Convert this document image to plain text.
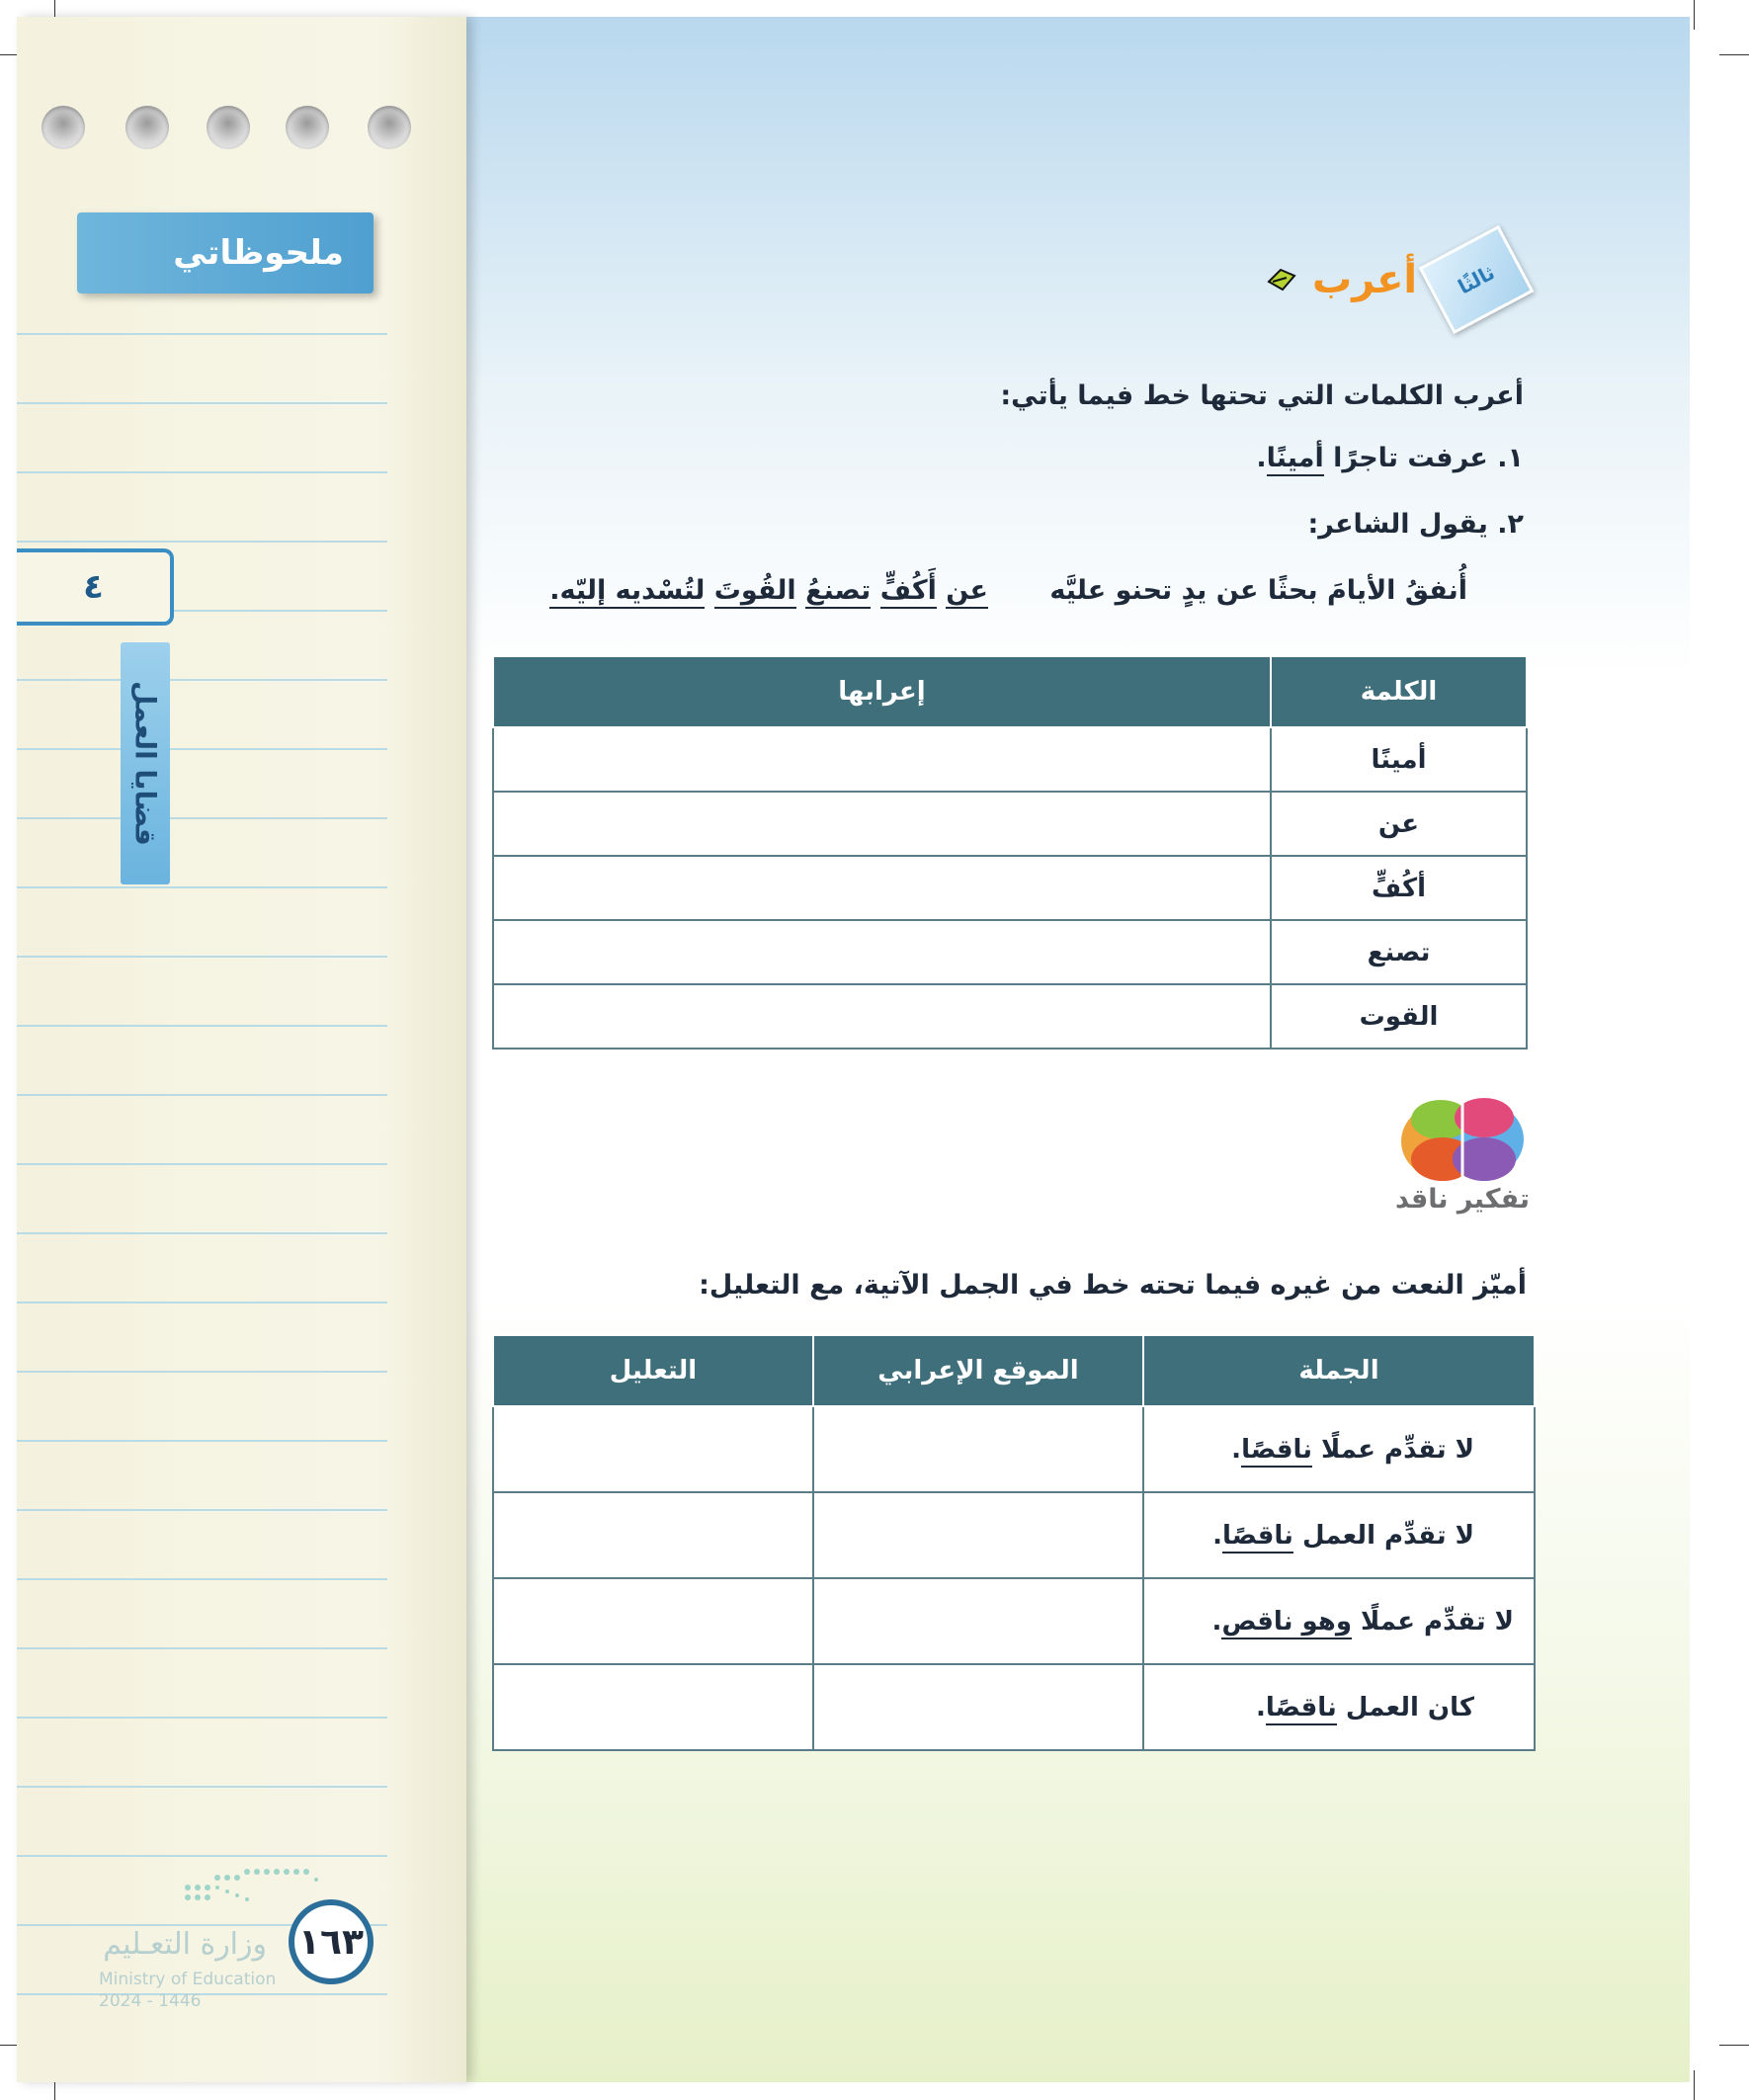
ملحوظاتي
٤
قضايا العمل
١٦٣
وزارة التعـليم
Ministry of Education
2024 - 1446
ثالثًا
أعرب
أعرب الكلمات التي تحتها خط فيما يأتي:
١. عرفت تاجرًا أمينًا.
٢. يقول الشاعر:
أُنفقُ الأيامَ بحثًا عن يدٍ تحنو عليَّه
عن أَكُفٍّ تصنعُ القُوتَ لتُسْديه إليّه.
الكلمة	إعرابها
أمينًا	
عن	
أكُفٍّ	
تصنع	
القوت	
تفكير ناقد
أميّز النعت من غيره فيما تحته خط في الجمل الآتية، مع التعليل:
الجملة	الموقع الإعرابي	التعليل
لا تقدِّم عملًا ناقصًا.		
لا تقدِّم العمل ناقصًا.		
لا تقدِّم عملًا وهو ناقص.		
كان العمل ناقصًا.		
